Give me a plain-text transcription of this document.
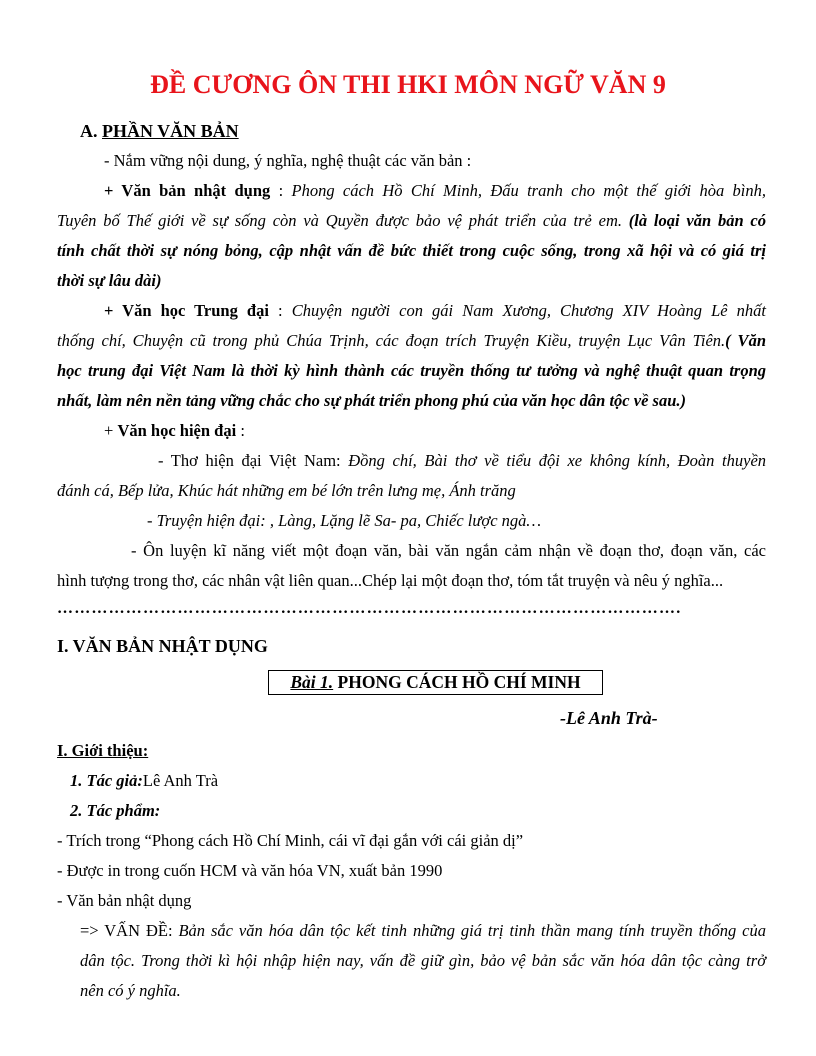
ĐỀ CƯƠNG ÔN THI HKI MÔN NGỮ VĂN 9
A. PHẦN VĂN BẢN
- Nắm vững nội dung, ý nghĩa, nghệ thuật các văn bản :
+ Văn bản nhật dụng : Phong cách Hồ Chí Minh, Đấu tranh cho một thế giới hòa bình,
Tuyên bố Thế giới về sự sống còn và Quyền được bảo vệ phát triển của trẻ em. (là loại văn bản có
tính chất thời sự nóng bỏng, cập nhật vấn đề bức thiết trong cuộc sống, trong xã hội và có giá trị
thời sự lâu dài)
+ Văn học Trung đại : Chuyện người con gái Nam Xương, Chương XIV Hoàng Lê nhất
thống chí, Chuyện cũ trong phủ Chúa Trịnh, các đoạn trích Truyện Kiều, truyện Lục Vân Tiên.( Văn
học trung đại Việt Nam là thời kỳ hình thành các truyền thống tư tưởng và nghệ thuật quan trọng
nhất, làm nên nền tảng vững chắc cho sự phát triển phong phú của văn học dân tộc về sau.)
+ Văn học hiện đại :
- Thơ hiện đại Việt Nam: Đồng chí, Bài thơ về tiểu đội xe không kính, Đoàn thuyền
đánh cá, Bếp lửa, Khúc hát những em bé lớn trên lưng mẹ, Ánh trăng
- Truyện hiện đại: , Làng, Lặng lẽ Sa- pa, Chiếc lược ngà…
- Ôn luyện kĩ năng viết một đoạn văn, bài văn ngắn cảm nhận về đoạn thơ, đoạn văn, các
hình tượng trong thơ, các nhân vật liên quan...Chép lại một đoạn thơ, tóm tắt truyện và nêu ý nghĩa...
……………………………………………………………………………………………….
I. VĂN BẢN NHẬT DỤNG
Bài 1. PHONG CÁCH HỒ CHÍ MINH
-Lê Anh Trà-
I. Giới thiệu:
1. Tác giả:Lê Anh Trà
2. Tác phẩm:
- Trích trong “Phong cách Hồ Chí Minh, cái vĩ đại gắn với cái giản dị”
- Được in trong cuốn HCM và văn hóa VN, xuất bản 1990
- Văn bản nhật dụng
=> VẤN ĐỀ: Bản sắc văn hóa dân tộc kết tinh những giá trị tinh thần mang tính truyền thống của
dân tộc. Trong thời kì hội nhập hiện nay, vấn đề giữ gìn, bảo vệ bản sắc văn hóa dân tộc càng trở
nên có ý nghĩa.
